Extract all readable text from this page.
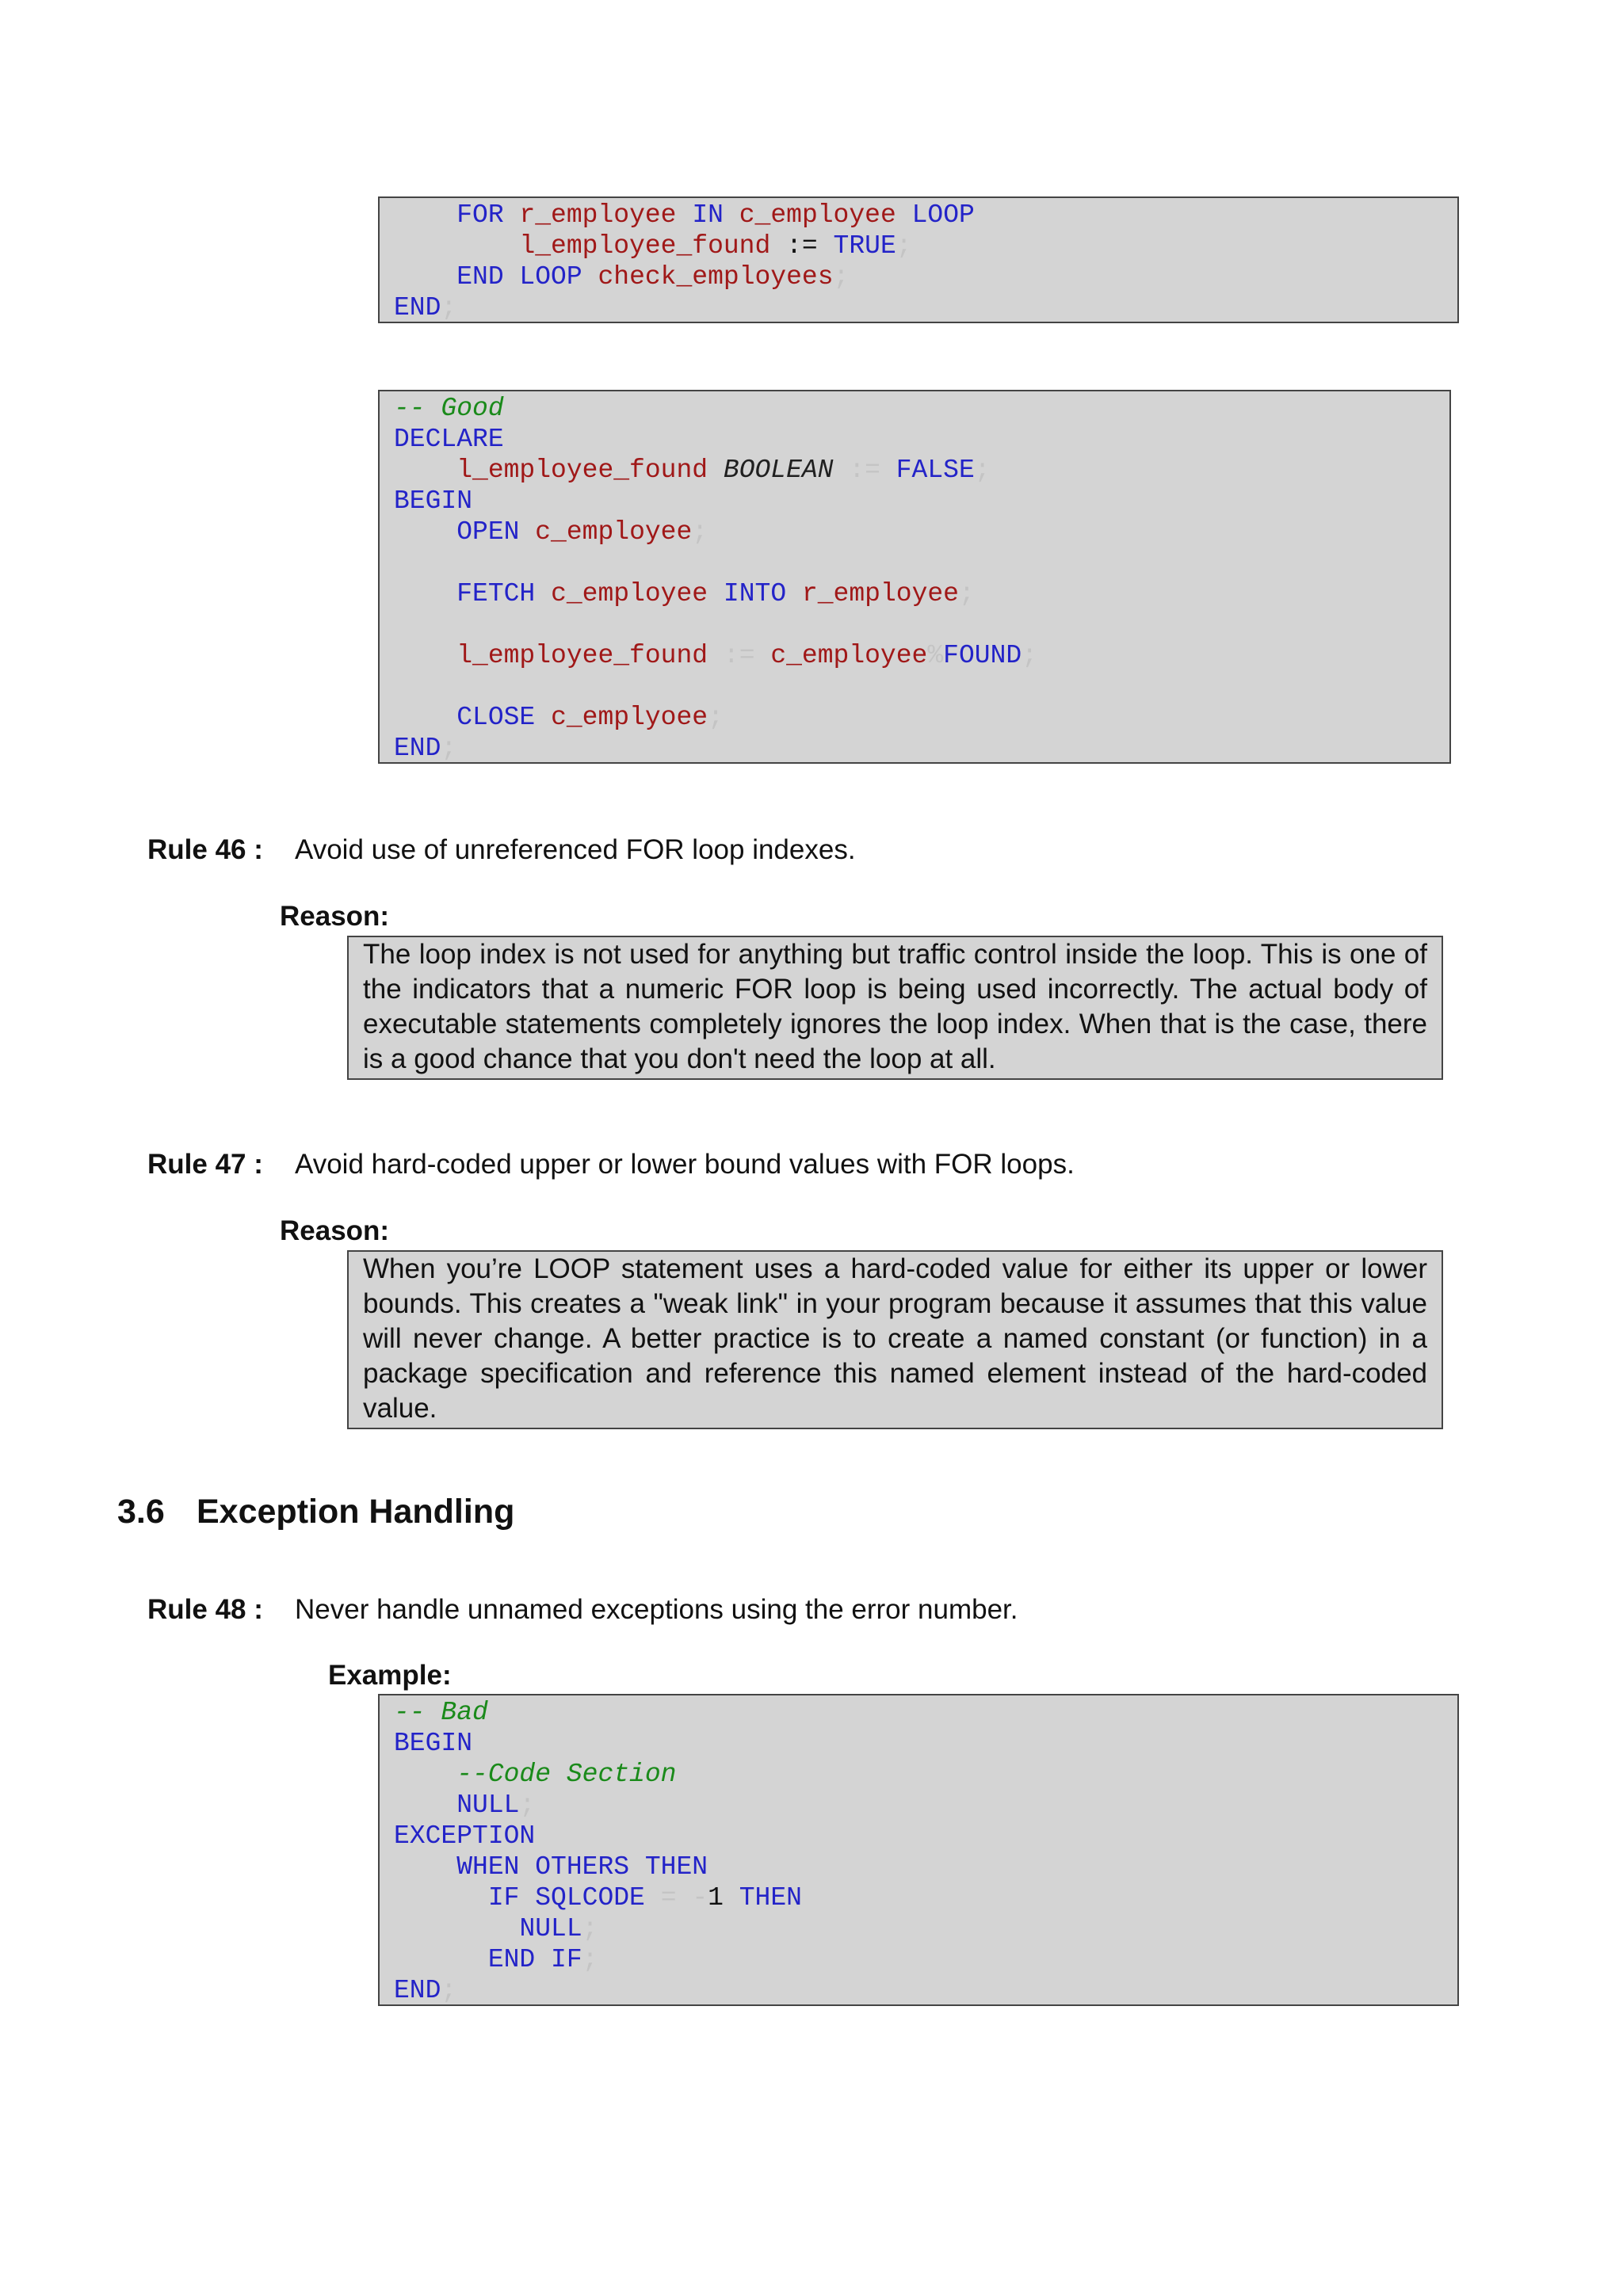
FOR r_employee IN c_employee LOOP
l_employee_found := TRUE;
END LOOP check_employees;
END;
-- Good
DECLARE
l_employee_found BOOLEAN := FALSE;
BEGIN
OPEN c_employee;

FETCH c_employee INTO r_employee;

l_employee_found := c_employee%FOUND;

CLOSE c_emplyoee;
END;
Rule 46 : Avoid use of unreferenced FOR loop indexes.
Reason:
The loop index is not used for anything but traffic control inside the loop. This is one of the indicators that a numeric FOR loop is being used incorrectly. The actual body of executable statements completely ignores the loop index. When that is the case, there is a good chance that you don't need the loop at all.
Rule 47 : Avoid hard-coded upper or lower bound values with FOR loops.
Reason:
When you’re LOOP statement uses a hard-coded value for either its upper or lower bounds. This creates a "weak link" in your program because it assumes that this value will never change. A better practice is to create a named constant (or function) in a package specification and reference this named element instead of the hard-coded value.
3.6 Exception Handling
Rule 48 : Never handle unnamed exceptions using the error number.
Example:
-- Bad
BEGIN
--Code Section
NULL;
EXCEPTION
WHEN OTHERS THEN
IF SQLCODE = -1 THEN
NULL;
END IF;
END;
